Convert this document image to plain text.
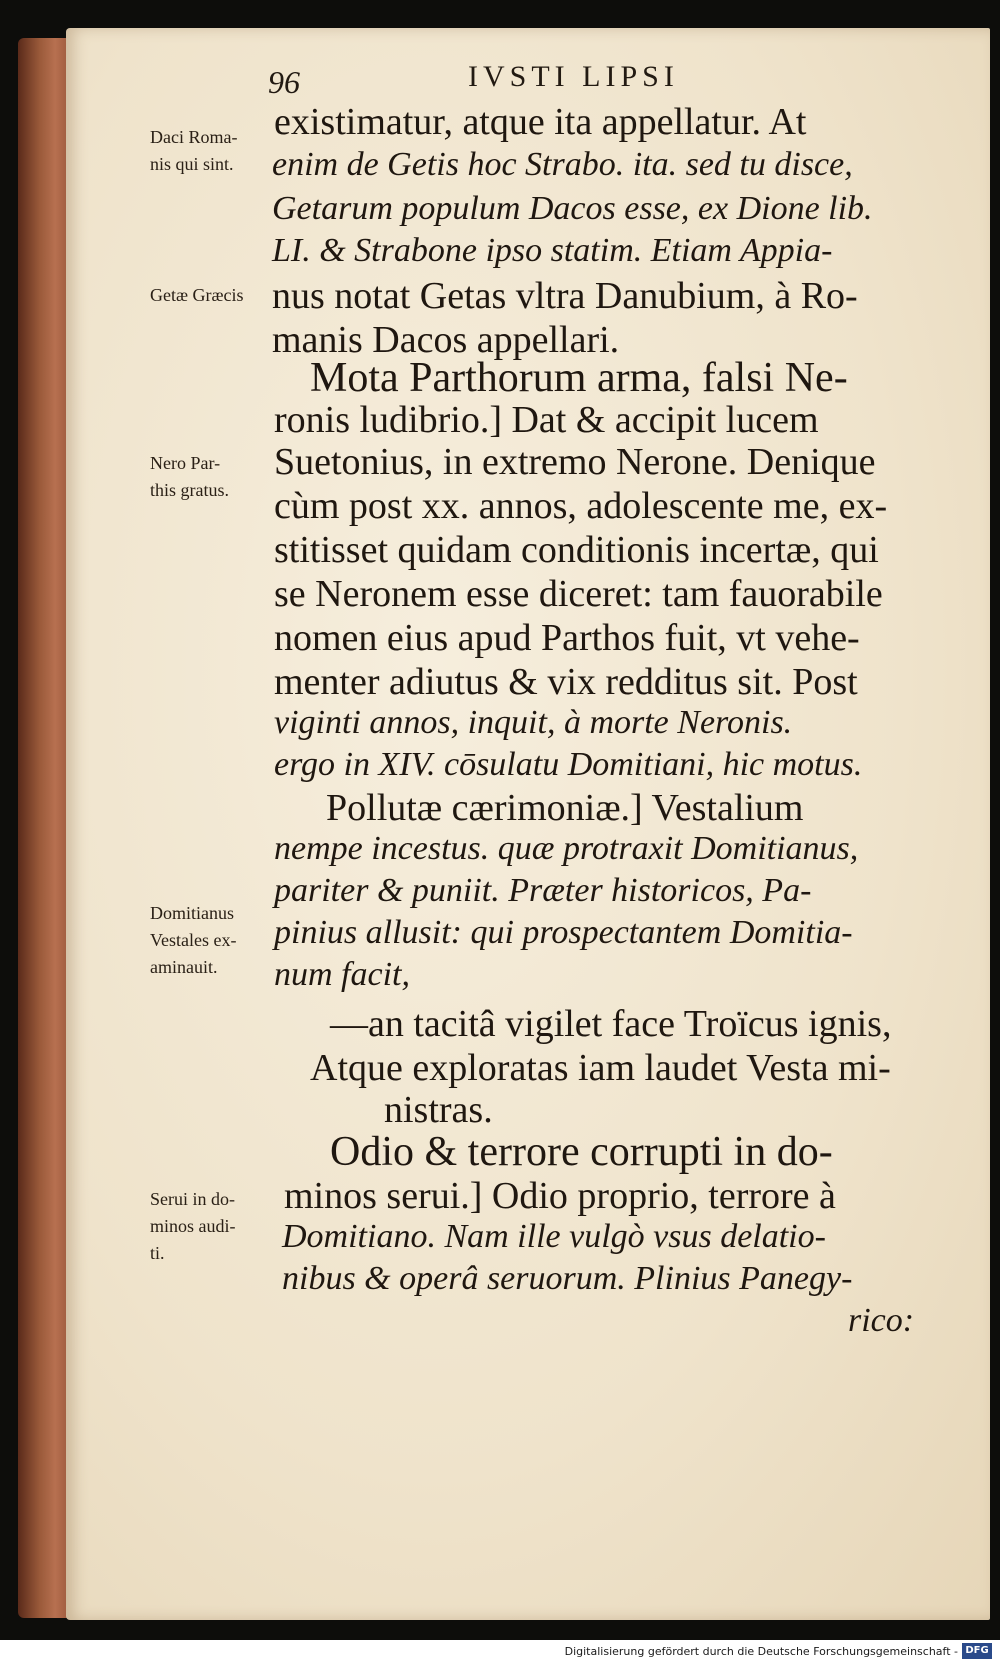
96	IVSTI LIPSI
Daci Roma-
nis qui sint.
Getæ Græcis
Nero Par-
this gratus.
Domitianus
Vestales ex-
aminauit.
Serui in do-
minos audi-
ti.
existimatur, atque ita appellatur. At
enim de Getis hoc Strabo. ita. sed tu disce,
Getarum populum Dacos esse, ex Dione lib.
LI. & Strabone ipso statim. Etiam Appia-
nus notat Getas vltra Danubium, à Ro-
manis Dacos appellari.
Mota Parthorum arma, falsi Ne-
ronis ludibrio.] Dat & accipit lucem
Suetonius, in extremo Nerone. Denique
cùm post xx. annos, adolescente me, ex-
stitisset quidam conditionis incertæ, qui
se Neronem esse diceret: tam fauorabile
nomen eius apud Parthos fuit, vt vehe-
menter adiutus & vix redditus sit. Post
viginti annos, inquit, à morte Neronis.
ergo in XIV. cōsulatu Domitiani, hic motus.
Pollutæ cærimoniæ.] Vestalium
nempe incestus. quæ protraxit Domitianus,
pariter & puniit. Præter historicos, Pa-
pinius allusit: qui prospectantem Domitia-
num facit,
—an tacitâ vigilet face Troïcus ignis,
Atque exploratas iam laudet Vesta mi-
nistras.
Odio & terrore corrupti in do-
minos serui.] Odio proprio, terrore à
Domitiano. Nam ille vulgò vsus delatio-
nibus & operâ seruorum. Plinius Panegy-
rico:
Digitalisierung gefördert durch die Deutsche Forschungsgemeinschaft - DFG
